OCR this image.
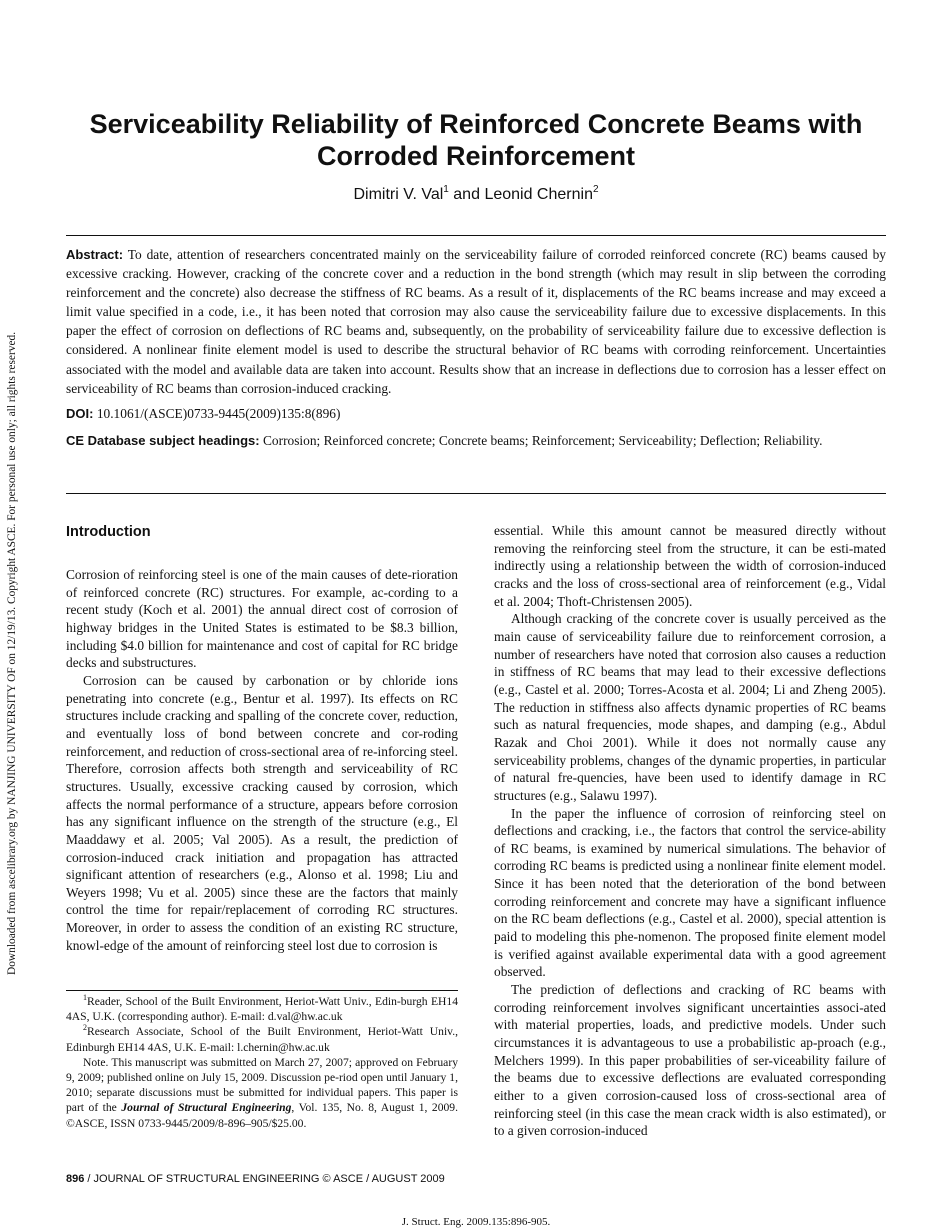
Downloaded from ascelibrary.org by NANJING UNIVERSITY OF on 12/19/13. Copyright ASCE. For personal use only; all rights reserved.
Serviceability Reliability of Reinforced Concrete Beams with Corroded Reinforcement
Dimitri V. Val$^1$ and Leonid Chernin$^2$

Abstract: To date, attention of researchers concentrated mainly on the serviceability failure of corroded reinforced concrete (RC) beams caused by excessive cracking. However, cracking of the concrete cover and a reduction in the bond strength (which may result in slip between the corroding reinforcement and the concrete) also decrease the stiffness of RC beams. As a result of it, displacements of the RC beams increase and may exceed a limit value specified in a code, i.e., it has been noted that corrosion may also cause the serviceability failure due to excessive displacements. In this paper the effect of corrosion on deflections of RC beams and, subsequently, on the probability of serviceability failure due to excessive deflection is considered. A nonlinear finite element model is used to describe the structural behavior of RC beams with corroding reinforcement. Uncertainties associated with the model and available data are taken into account. Results show that an increase in deflections due to corrosion has a lesser effect on serviceability of RC beams than corrosion-induced cracking.

DOI: 10.1061/(ASCE)0733-9445(2009)135:8(896)

CE Database subject headings: Corrosion; Reinforced concrete; Concrete beams; Reinforcement; Serviceability; Deflection; Reliability.

Introduction

Corrosion of reinforcing steel is one of the main causes of dete-rioration of reinforced concrete (RC) structures. For example, ac-cording to a recent study (Koch et al. 2001) the annual direct cost of corrosion of highway bridges in the United States is estimated to be $8.3 billion, including $4.0 billion for maintenance and cost of capital for RC bridge decks and substructures.

Corrosion can be caused by carbonation or by chloride ions penetrating into concrete (e.g., Bentur et al. 1997). Its effects on RC structures include cracking and spalling of the concrete cover, reduction, and eventually loss of bond between concrete and cor-roding reinforcement, and reduction of cross-sectional area of re-inforcing steel. Therefore, corrosion affects both strength and serviceability of RC structures. Usually, excessive cracking caused by corrosion, which affects the normal performance of a structure, appears before corrosion has any significant influence on the strength of the structure (e.g., El Maaddawy et al. 2005; Val 2005). As a result, the prediction of corrosion-induced crack initiation and propagation has attracted significant attention of researchers (e.g., Alonso et al. 1998; Liu and Weyers 1998; Vu et al. 2005) since these are the factors that mainly control the time for repair/replacement of corroding RC structures. Moreover, in order to assess the condition of an existing RC structure, knowl-edge of the amount of reinforcing steel lost due to corrosion is

$^1$Reader, School of the Built Environment, Heriot-Watt Univ., Edin-burgh EH14 4AS, U.K. (corresponding author). E-mail: d.val@hw.ac.uk

$^2$Research Associate, School of the Built Environment, Heriot-Watt Univ., Edinburgh EH14 4AS, U.K. E-mail: l.chernin@hw.ac.uk

Note. This manuscript was submitted on March 27, 2007; approved on February 9, 2009; published online on July 15, 2009. Discussion pe-riod open until January 1, 2010; separate discussions must be submitted for individual papers. This paper is part of the Journal of Structural Engineering, Vol. 135, No. 8, August 1, 2009. ©ASCE, ISSN 0733-9445/2009/8-896–905/$25.00.

essential. While this amount cannot be measured directly without removing the reinforcing steel from the structure, it can be esti-mated indirectly using a relationship between the width of corrosion-induced cracks and the loss of cross-sectional area of reinforcement (e.g., Vidal et al. 2004; Thoft-Christensen 2005).

Although cracking of the concrete cover is usually perceived as the main cause of serviceability failure due to reinforcement corrosion, a number of researchers have noted that corrosion also causes a reduction in stiffness of RC beams that may lead to their excessive deflections (e.g., Castel et al. 2000; Torres-Acosta et al. 2004; Li and Zheng 2005). The reduction in stiffness also affects dynamic properties of RC beams such as natural frequencies, mode shapes, and damping (e.g., Abdul Razak and Choi 2001). While it does not normally cause any serviceability problems, changes of the dynamic properties, in particular of natural fre-quencies, have been used to identify damage in RC structures (e.g., Salawu 1997).

In the paper the influence of corrosion of reinforcing steel on deflections and cracking, i.e., the factors that control the service-ability of RC beams, is examined by numerical simulations. The behavior of corroding RC beams is predicted using a nonlinear finite element model. Since it has been noted that the deterioration of the bond between corroding reinforcement and concrete may have a significant influence on the RC beam deflections (e.g., Castel et al. 2000), special attention is paid to modeling this phe-nomenon. The proposed finite element model is verified against available experimental data with a good agreement observed.

The prediction of deflections and cracking of RC beams with corroding reinforcement involves significant uncertainties associ-ated with material properties, loads, and predictive models. Under such circumstances it is advantageous to use a probabilistic ap-proach (e.g., Melchers 1999). In this paper probabilities of ser-viceability failure of the beams due to excessive deflections are evaluated corresponding either to a given corrosion-caused loss of cross-sectional area of reinforcing steel (in this case the mean crack width is also estimated), or to a given corrosion-induced

896 / JOURNAL OF STRUCTURAL ENGINEERING © ASCE / AUGUST 2009
J. Struct. Eng. 2009.135:896-905.
